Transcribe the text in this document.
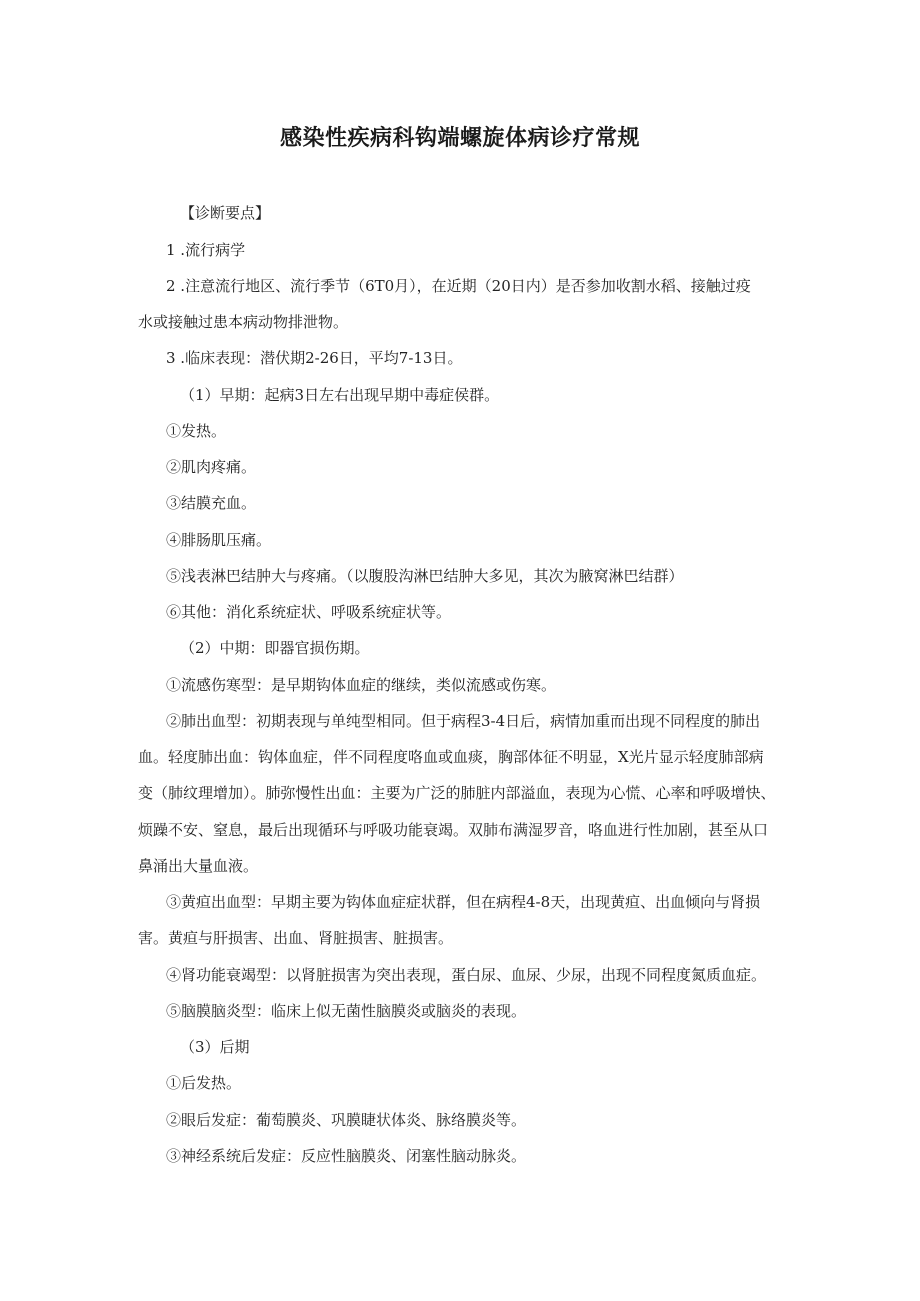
感染性疾病科钩端螺旋体病诊疗常规
【诊断要点】
1 .流行病学
2 .注意流行地区、流行季节（6T0月），在近期（20日内）是否参加收割水稻、接触过疫
水或接触过患本病动物排泄物。
3 .临床表现：潜伏期2-26日，平均7-13日。
（1）早期：起病3日左右出现早期中毒症侯群。
①发热。
②肌肉疼痛。
③结膜充血。
④腓肠肌压痛。
⑤浅表淋巴结肿大与疼痛。（以腹股沟淋巴结肿大多见，其次为腋窝淋巴结群）
⑥其他：消化系统症状、呼吸系统症状等。
（2）中期：即器官损伤期。
①流感伤寒型：是早期钩体血症的继续，类似流感或伤寒。
②肺出血型：初期表现与单纯型相同。但于病程3-4日后，病情加重而出现不同程度的肺出
血。轻度肺出血：钩体血症，伴不同程度咯血或血痰，胸部体征不明显，X光片显示轻度肺部病
变（肺纹理增加）。肺弥慢性出血：主要为广泛的肺脏内部溢血，表现为心慌、心率和呼吸增快、
烦躁不安、窒息，最后出现循环与呼吸功能衰竭。双肺布满湿罗音，咯血进行性加剧，甚至从口
鼻涌出大量血液。
③黄疸出血型：早期主要为钩体血症症状群，但在病程4-8天，出现黄疸、出血倾向与肾损
害。黄疸与肝损害、出血、肾脏损害、脏损害。
④肾功能衰竭型：以肾脏损害为突出表现，蛋白尿、血尿、少尿，出现不同程度氮质血症。
⑤脑膜脑炎型：临床上似无菌性脑膜炎或脑炎的表现。
（3）后期
①后发热。
②眼后发症：葡萄膜炎、巩膜睫状体炎、脉络膜炎等。
③神经系统后发症：反应性脑膜炎、闭塞性脑动脉炎。
